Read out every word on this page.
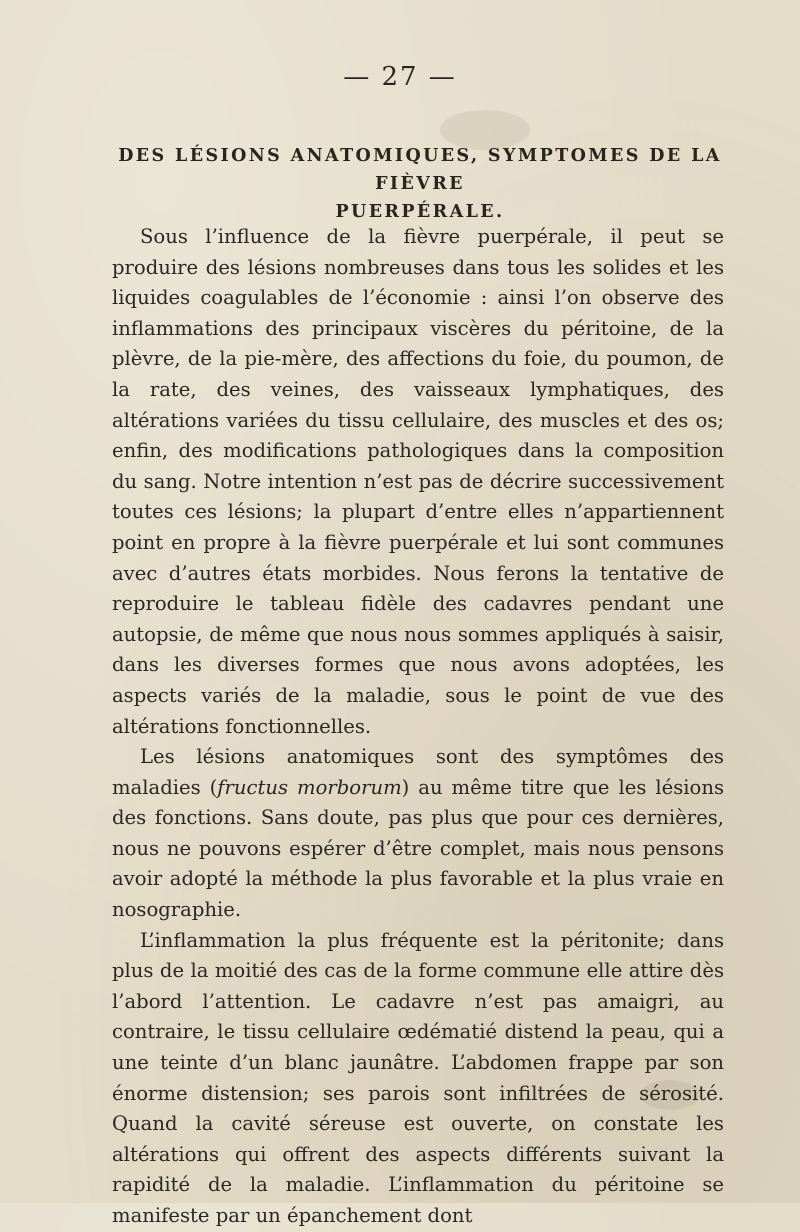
— 27 —
DES LÉSIONS ANATOMIQUES, SYMPTOMES DE LA FIÈVRE
PUERPÉRALE.

Sous l’influence de la fièvre puerpérale, il peut se produire des lésions nombreuses dans tous les solides et les liquides coagulables de l’économie : ainsi l’on observe des inflammations des principaux viscères du péritoine, de la plèvre, de la pie-mère, des affections du foie, du poumon, de la rate, des veines, des vaisseaux lymphatiques, des altérations variées du tissu cellulaire, des muscles et des os; enfin, des modifications pathologiques dans la composition du sang. Notre intention n’est pas de décrire successivement toutes ces lésions; la plupart d’entre elles n’appartiennent point en propre à la fièvre puerpérale et lui sont communes avec d’autres états morbides. Nous ferons la tentative de reproduire le tableau fidèle des cadavres pendant une autopsie, de même que nous nous sommes appliqués à saisir, dans les diverses formes que nous avons adoptées, les aspects variés de la maladie, sous le point de vue des altérations fonctionnelles.

Les lésions anatomiques sont des symptômes des maladies (fructus morborum) au même titre que les lésions des fonctions. Sans doute, pas plus que pour ces dernières, nous ne pouvons espérer d’être complet, mais nous pensons avoir adopté la méthode la plus favorable et la plus vraie en nosographie.

L’inflammation la plus fréquente est la péritonite; dans plus de la moitié des cas de la forme commune elle attire dès l’abord l’attention. Le cadavre n’est pas amaigri, au contraire, le tissu cellulaire œdématié distend la peau, qui a une teinte d’un blanc jaunâtre. L’abdomen frappe par son énorme distension; ses parois sont infiltrées de sérosité. Quand la cavité séreuse est ouverte, on constate les altérations qui offrent des aspects différents suivant la rapidité de la maladie. L’inflammation du péritoine se manifeste par un épanchement dont
